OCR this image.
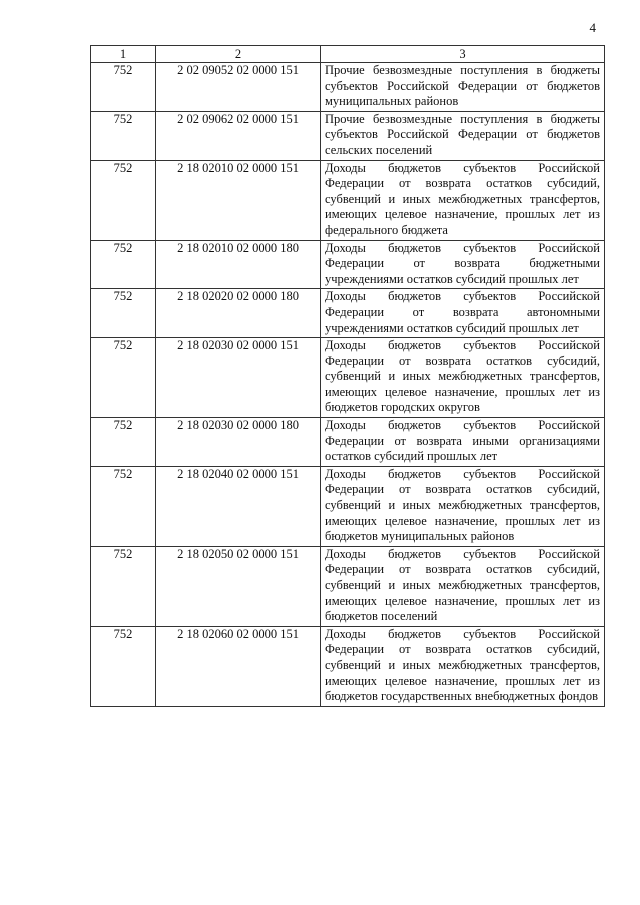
4
1	2	3
752	2 02 09052 02 0000 151	Прочие безвозмездные поступления в бюджеты субъектов Российской Федерации от бюджетов муниципальных районов
752	2 02 09062 02 0000 151	Прочие безвозмездные поступления в бюджеты субъектов Российской Федерации от бюджетов сельских поселений
752	2 18 02010 02 0000 151	Доходы бюджетов субъектов Российской Федерации от возврата остатков субсидий, субвенций и иных межбюджетных трансфертов, имеющих целевое назначение, прошлых лет из федерального бюджета
752	2 18 02010 02 0000 180	Доходы бюджетов субъектов Российской Федерации от возврата бюджетными учреждениями остатков субсидий прошлых лет
752	2 18 02020 02 0000 180	Доходы бюджетов субъектов Российской Федерации от возврата автономными учреждениями остатков субсидий прошлых лет
752	2 18 02030 02 0000 151	Доходы бюджетов субъектов Российской Федерации от возврата остатков субсидий, субвенций и иных межбюджетных трансфертов, имеющих целевое назначение, прошлых лет из бюджетов городских округов
752	2 18 02030 02 0000 180	Доходы бюджетов субъектов Российской Федерации от возврата иными организациями остатков субсидий прошлых лет
752	2 18 02040 02 0000 151	Доходы бюджетов субъектов Российской Федерации от возврата остатков субсидий, субвенций и иных межбюджетных трансфертов, имеющих целевое назначение, прошлых лет из бюджетов муниципальных районов
752	2 18 02050 02 0000 151	Доходы бюджетов субъектов Российской Федерации от возврата остатков субсидий, субвенций и иных межбюджетных трансфертов, имеющих целевое назначение, прошлых лет из бюджетов поселений
752	2 18 02060 02 0000 151	Доходы бюджетов субъектов Российской Федерации от возврата остатков субсидий, субвенций и иных межбюджетных трансфертов, имеющих целевое назначение, прошлых лет из бюджетов государственных внебюджетных фондов
